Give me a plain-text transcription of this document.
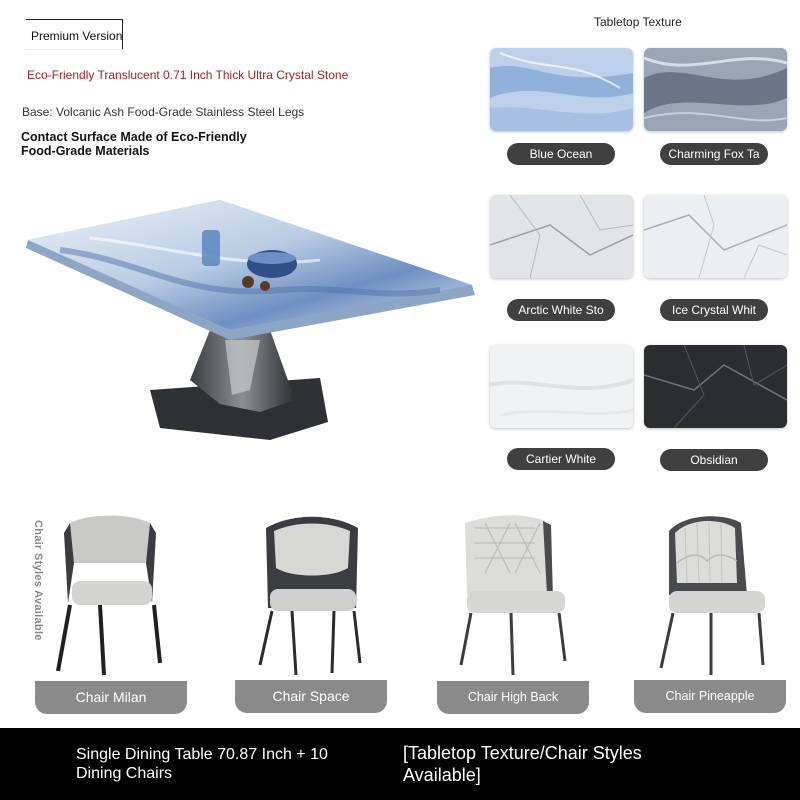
Premium Version
Eco-Friendly Translucent 0.71 Inch Thick Ultra Crystal Stone
Base: Volcanic Ash Food-Grade Stainless Steel Legs
Contact Surface Made of Eco-Friendly Food-Grade Materials
Tabletop Texture
Blue Ocean	Charming Fox Ta
Arctic White Sto	Ice Crystal Whit
Cartier White	Obsidian
Chair Styles Available
Chair Milan	Chair Space	Chair High Back	Chair Pineapple
Single Dining Table 70.87 Inch + 10 Dining Chairs
[Tabletop Texture/Chair Styles Available]
